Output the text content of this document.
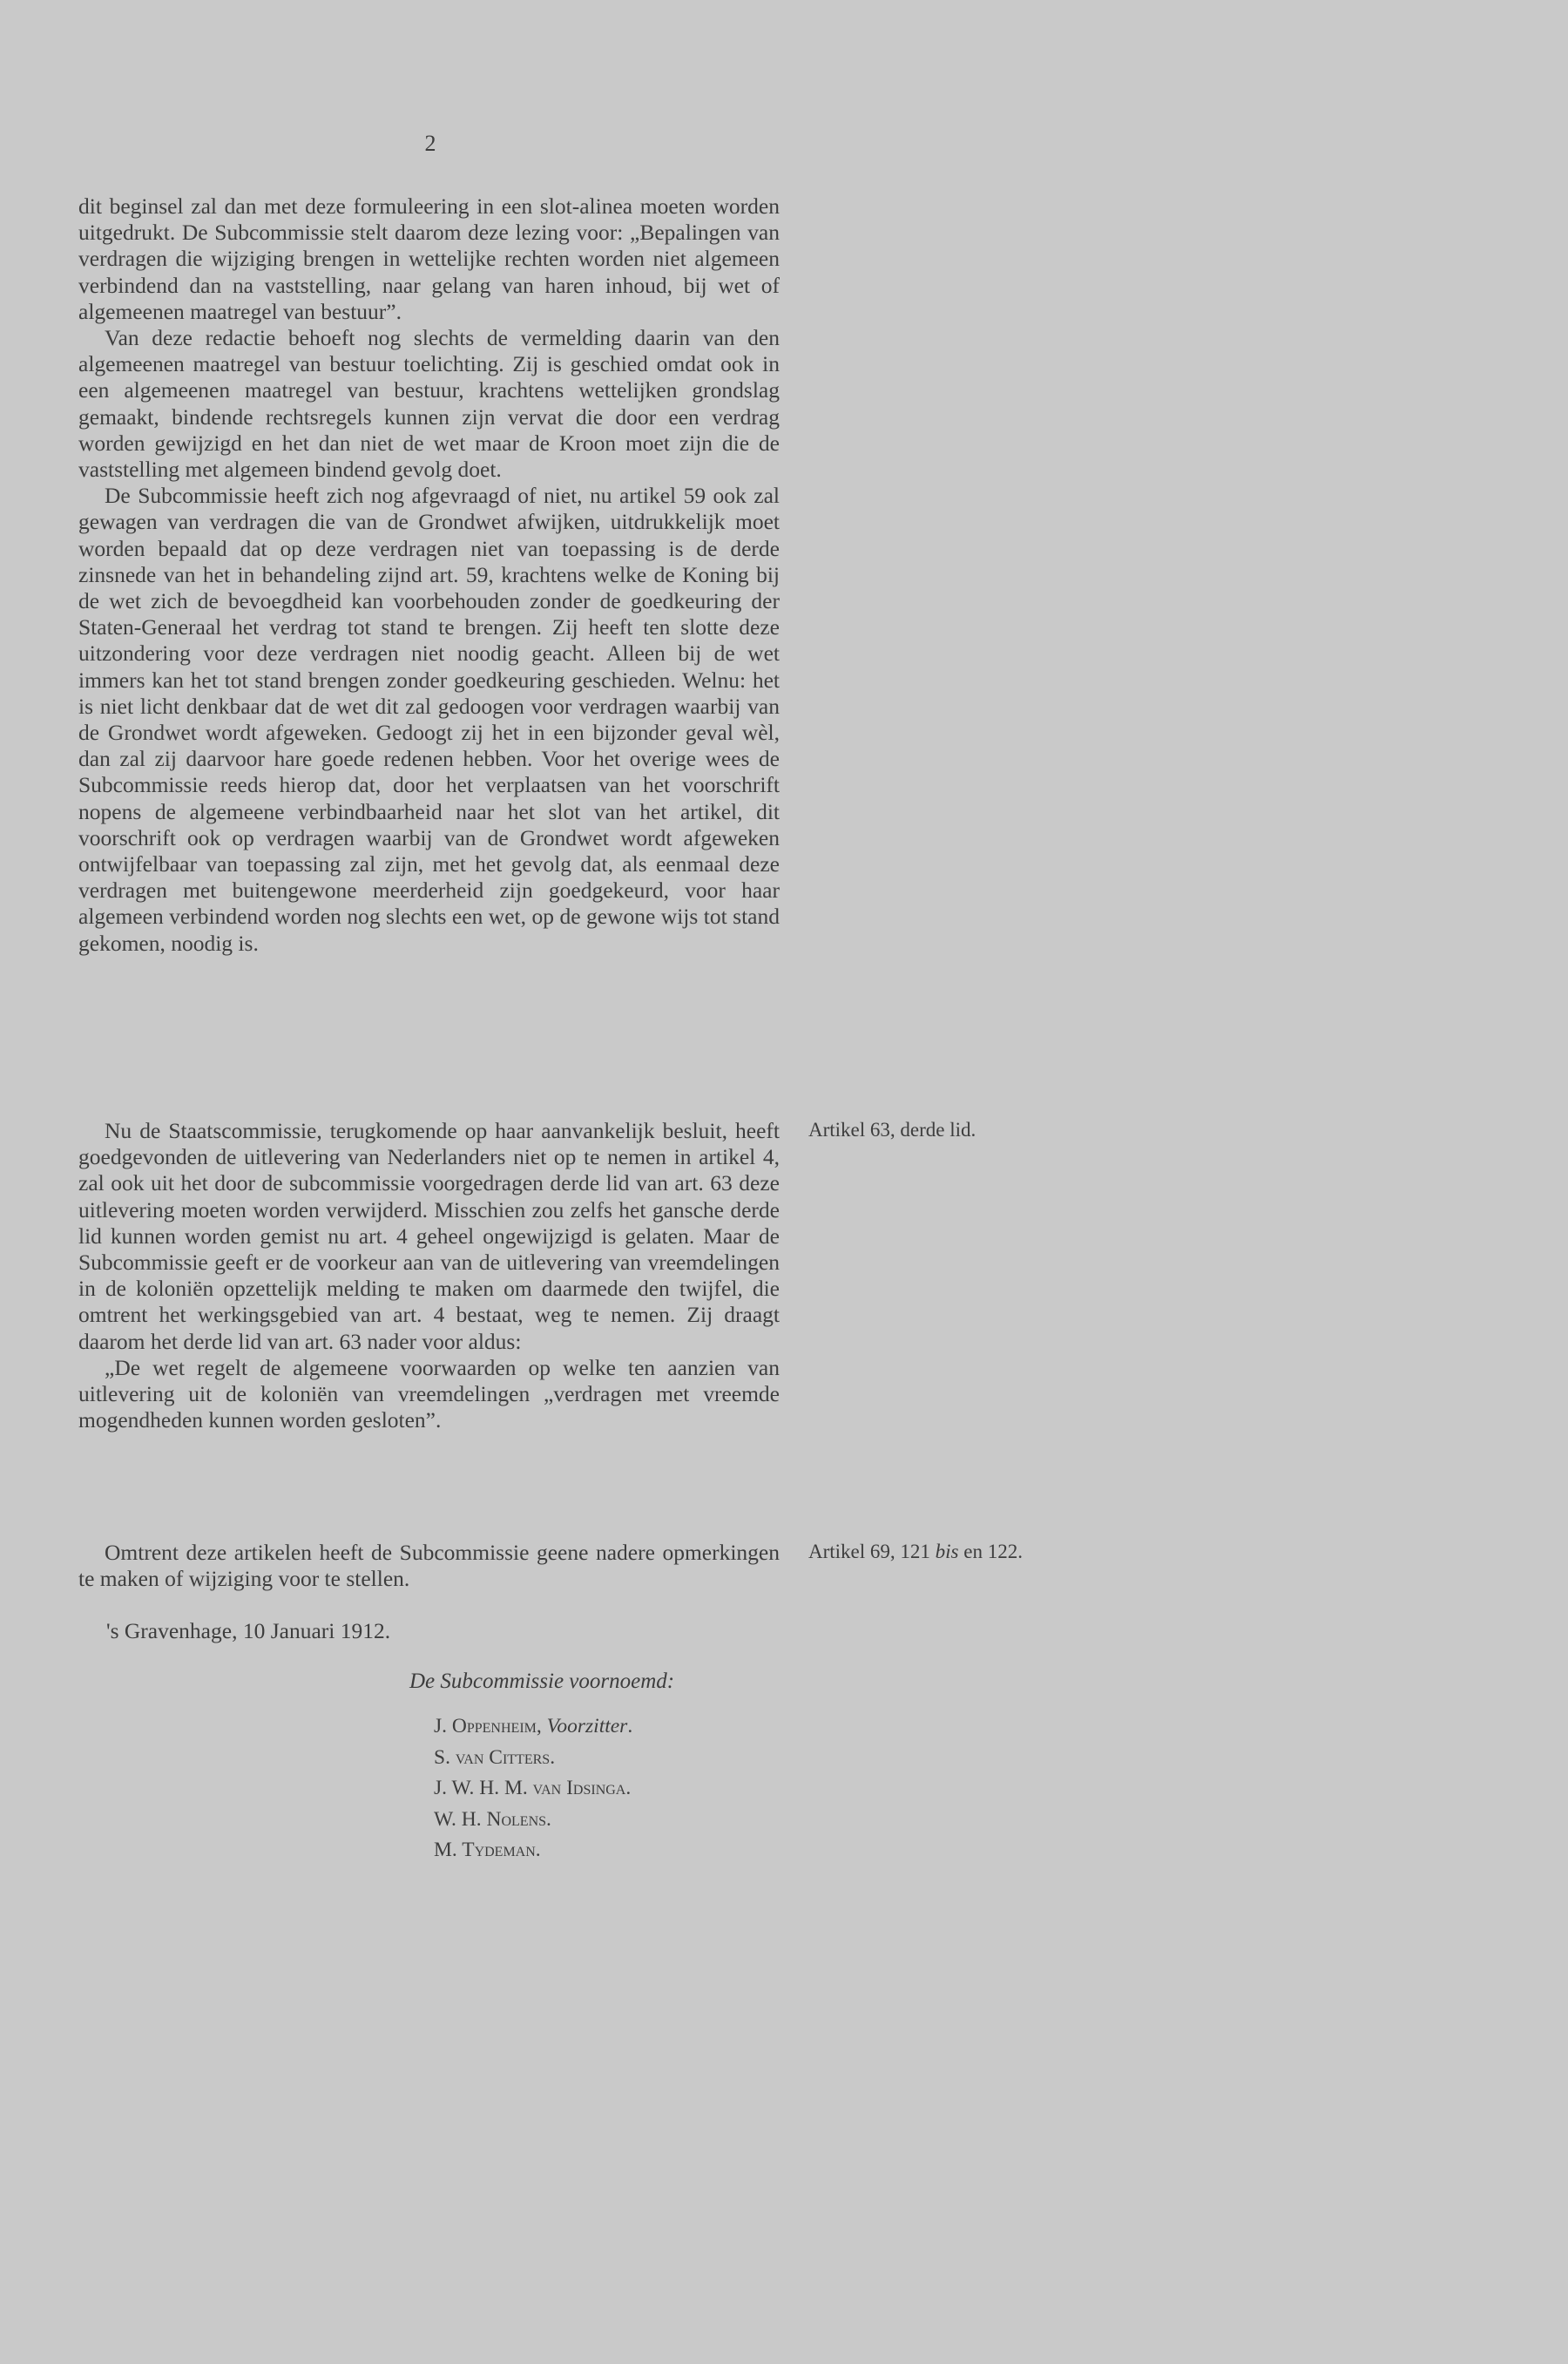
2

dit beginsel zal dan met deze formuleering in een slot-alinea moeten worden uitgedrukt. De Subcommissie stelt daarom deze lezing voor: „Bepalingen van verdragen die wijziging brengen in wettelijke rechten worden niet algemeen verbindend dan na vaststelling, naar gelang van haren inhoud, bij wet of algemeenen maatregel van bestuur”.

Van deze redactie behoeft nog slechts de vermelding daarin van den algemeenen maatregel van bestuur toelichting. Zij is geschied omdat ook in een algemeenen maatregel van bestuur, krachtens wettelijken grondslag gemaakt, bindende rechtsregels kunnen zijn vervat die door een verdrag worden gewijzigd en het dan niet de wet maar de Kroon moet zijn die de vaststelling met algemeen bindend gevolg doet.

De Subcommissie heeft zich nog afgevraagd of niet, nu artikel 59 ook zal gewagen van verdragen die van de Grondwet afwijken, uitdrukkelijk moet worden bepaald dat op deze verdragen niet van toepassing is de derde zinsnede van het in behandeling zijnd art. 59, krachtens welke de Koning bij de wet zich de bevoegdheid kan voorbehouden zonder de goedkeuring der Staten-Generaal het verdrag tot stand te brengen. Zij heeft ten slotte deze uitzondering voor deze verdragen niet noodig geacht. Alleen bij de wet immers kan het tot stand brengen zonder goedkeuring geschieden. Welnu: het is niet licht denkbaar dat de wet dit zal gedoogen voor verdragen waarbij van de Grondwet wordt afgeweken. Gedoogt zij het in een bijzonder geval wèl, dan zal zij daarvoor hare goede redenen hebben. Voor het overige wees de Subcommissie reeds hierop dat, door het verplaatsen van het voorschrift nopens de algemeene verbindbaarheid naar het slot van het artikel, dit voorschrift ook op verdragen waarbij van de Grondwet wordt afgeweken ontwijfelbaar van toepassing zal zijn, met het gevolg dat, als eenmaal deze verdragen met buitengewone meerderheid zijn goedgekeurd, voor haar algemeen verbindend worden nog slechts een wet, op de gewone wijs tot stand gekomen, noodig is.

Artikel 63, derde lid.

Nu de Staatscommissie, terugkomende op haar aanvankelijk besluit, heeft goedgevonden de uitlevering van Nederlanders niet op te nemen in artikel 4, zal ook uit het door de subcommissie voorgedragen derde lid van art. 63 deze uitlevering moeten worden verwijderd. Misschien zou zelfs het gansche derde lid kunnen worden gemist nu art. 4 geheel ongewijzigd is gelaten. Maar de Subcommissie geeft er de voorkeur aan van de uitlevering van vreemdelingen in de koloniën opzettelijk melding te maken om daarmede den twijfel, die omtrent het werkingsgebied van art. 4 bestaat, weg te nemen. Zij draagt daarom het derde lid van art. 63 nader voor aldus:

„De wet regelt de algemeene voorwaarden op welke ten aanzien van uitlevering uit de koloniën van vreemdelingen „verdragen met vreemde mogendheden kunnen worden gesloten”.

Artikel 69, 121 bis en 122.

Omtrent deze artikelen heeft de Subcommissie geene nadere opmerkingen te maken of wijziging voor te stellen.

's Gravenhage, 10 Januari 1912.
De Subcommissie voornoemd:
J. Oppenheim, Voorzitter.
S. van Citters.
J. W. H. M. van Idsinga.
W. H. Nolens.
M. Tydeman.
